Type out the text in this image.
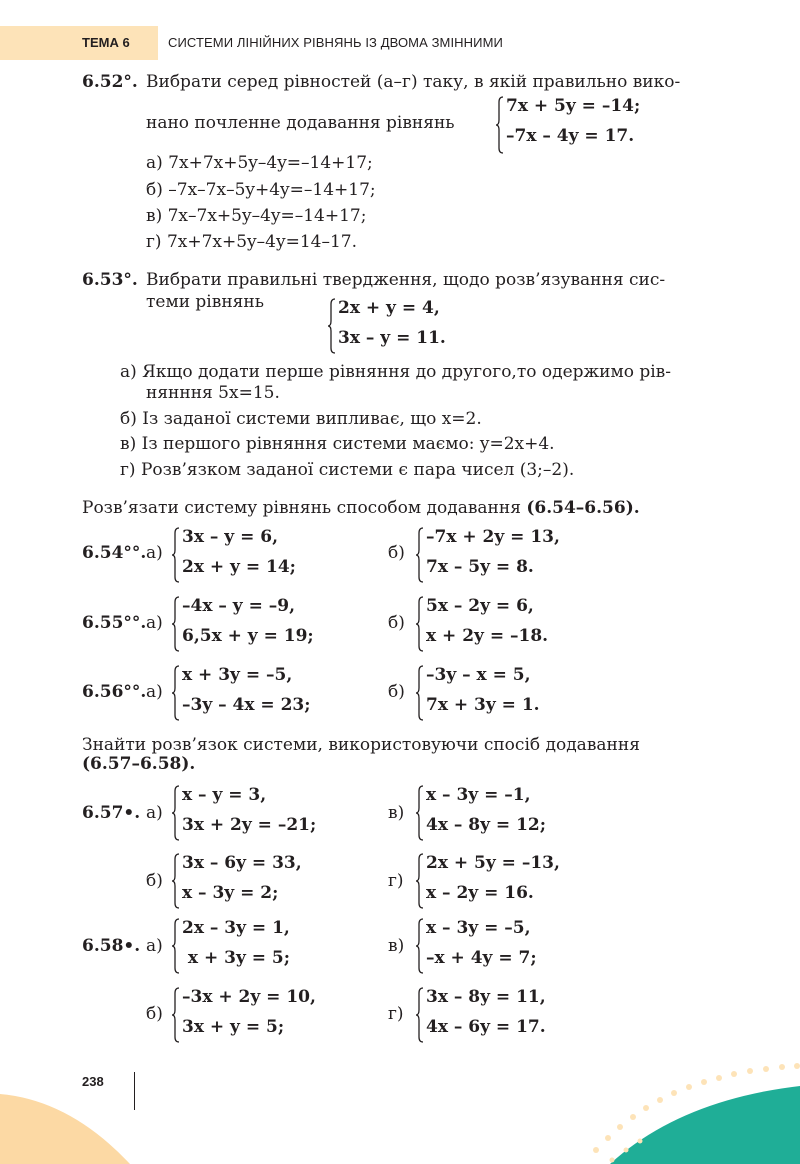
ТЕМА 6	СИСТЕМИ ЛІНІЙНИХ РІВНЯНЬ ІЗ ДВОМА ЗМІННИМИ
6.52°. Вибрати серед рівностей (а–г) таку, в якій правильно вико-
нано почленне додавання рівнянь
7x + 5y = –14;
–7x – 4y = 17.
а) 7x+7x+5y–4y=–14+17;
б) –7x–7x–5y+4y=–14+17;
в) 7x–7x+5y–4y=–14+17;
г) 7x+7x+5y–4y=14–17.
6.53°. Вибрати правильні твердження, щодо розв’язування сис-
теми рівнянь	2x + y = 4,
3x – y = 11.
а) Якщо додати перше рівняння до другого,то одержимо рів-
нянння 5x=15.
б) Із заданої системи випливає, що x=2.
в) Із першого рівняння системи маємо: y=2x+4.
г) Розв’язком заданої системи є пара чисел (3;–2).
Розв’язати систему рівнянь способом додавання (6.54–6.56).
6.54°°. а)
3x – y = 6,
2x + y = 14;
б)
–7x + 2y = 13,
7x – 5y = 8.
6.55°°. а)
–4x – y = –9,
6,5x + y = 19;
б)
5x – 2y = 6,
x + 2y = –18.
6.56°°. а)
x + 3y = –5,
–3y – 4x = 23;
б)
–3y – x = 5,
7x + 3y = 1.
Знайти розв’язок системи, використовуючи спосіб додавання
(6.57–6.58).
6.57•. а)
x – y = 3,
3x + 2y = –21;
в)
x – 3y = –1,
4x – 8y = 12;
б)
3x – 6y = 33,
x – 3y = 2;
г)
2x + 5y = –13,
x – 2y = 16.
6.58•. а)
2x – 3y = 1,
x + 3y = 5;
в)
x – 3y = –5,
–x + 4y = 7;
б)
–3x + 2y = 10,
3x + y = 5;
г)
3x – 8y = 11,
4x – 6y = 17.
238
